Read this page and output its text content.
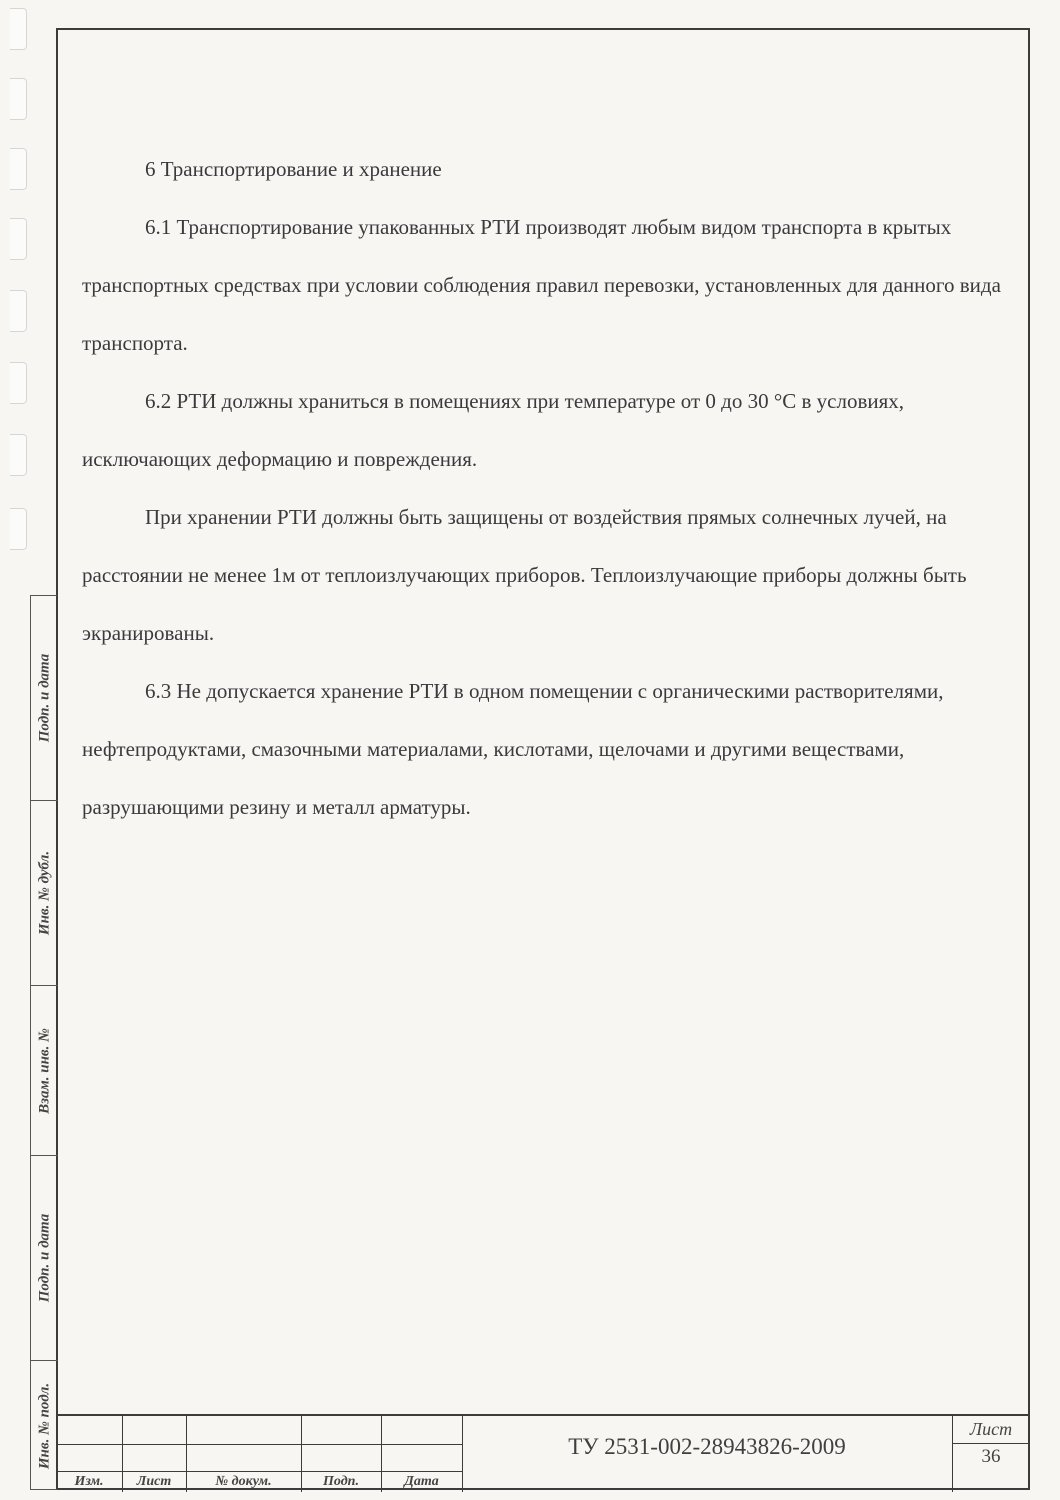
Подп. и дата
Инв. № дубл.
Взам. инв. №
Подп. и дата
Инв. № подл.

6 Транспортирование и хранение

6.1 Транспортирование упакованных РТИ производят любым видом транспорта в крытых транспортных средствах при условии соблюдения правил перевозки, установленных для данного вида транспорта.

6.2 РТИ должны храниться в помещениях при температуре от 0 до 30 °С в условиях, исключающих деформацию и повреждения.

При хранении РТИ должны быть защищены от воздействия прямых солнечных лучей, на расстоянии не менее 1м от теплоизлучающих приборов. Теплоизлучающие приборы должны быть экранированы.

6.3 Не допускается хранение РТИ в одном помещении с органическими растворителями, нефтепродуктами, смазочными материалами, кислотами, щелочами и другими веществами, разрушающими резину и металл арматуры.

Изм.	Лист	№ докум.	Подп.	Дата
ТУ 2531-002-28943826-2009
Лист
36
